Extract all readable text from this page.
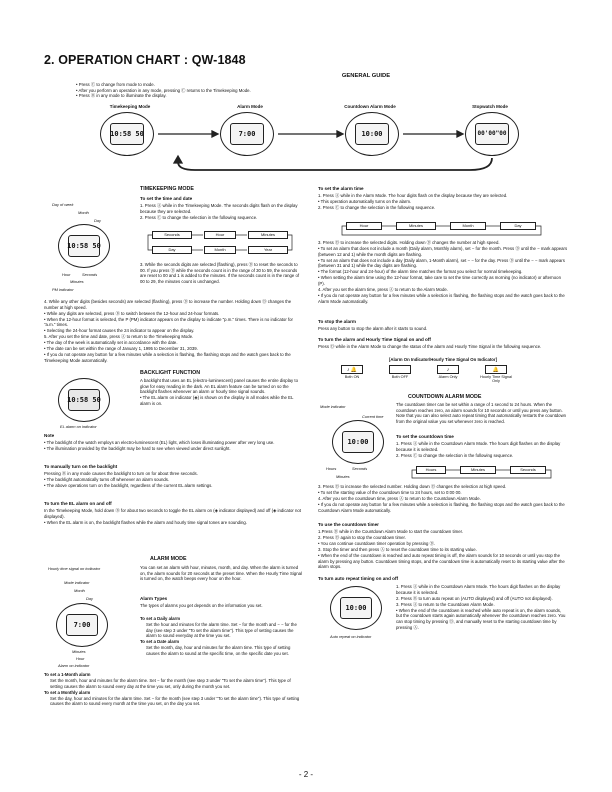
2. OPERATION CHART : QW-1848
GENERAL GUIDE
• Press Ⓒ to change from mode to mode.
• After you perform an operation in any mode, pressing Ⓒ returns to the Timekeeping Mode.
• Press Ⓑ in any mode to illuminate the display.
Timekeeping Mode	Alarm Mode	Countdown Alarm Mode	Stopwatch Mode
10:58 50	7:00	10:00	00'00"00
TIMEKEEPING MODE
Day of week
Month
Day
10:58 50
Hour	Seconds
Minutes
PM indicator
To set the time and date
1. Press Ⓐ while in the Timekeeping Mode. The seconds digits flash on the display because they are selected.
2. Press Ⓒ to change the selection in the following sequence.
Seconds	Hour	Minutes
Day	Month	Year
3. While the seconds digits are selected (flashing), press Ⓓ to reset the seconds to 00. If you press Ⓓ while the seconds count is in the range of 30 to 59, the seconds are reset to 00 and 1 is added to the minutes. If the seconds count is in the range of 00 to 29, the minutes count is unchanged.
4. While any other digits (besides seconds) are selected (flashing), press Ⓓ to increase the number. Holding down Ⓓ changes the number at high speed.
• While any digits are selected, press Ⓑ to switch between the 12-hour and 24-hour formats.
• When the 12-hour format is selected, the P (PM) indicator appears on the display to indicate "p.m." times. There is no indicator for "a.m." times.
• Selecting the 24-hour format causes the 24 indicator to appear on the display.
5. After you set the time and date, press Ⓐ to return to the Timekeeping Mode.
• The day of the week is automatically set in accordance with the date.
• The date can be set within the range of January 1, 1995 to December 31, 2039.
• If you do not operate any button for a few minutes while a selection is flashing, the flashing stops and the watch goes back to the Timekeeping Mode automatically.
BACKLIGHT FUNCTION
10:58 50
EL alarm on indicator
A backlight that uses an EL (electro-luminescent) panel causes the entire display to glow for easy reading in the dark. An EL alarm feature can be turned on so the backlight flashes whenever an alarm or hourly time signal sounds.
• The EL alarm on indicator (◈) is shown on the display in all modes while the EL alarm is on.
Note
• The backlight of the watch employs an electro-luminescent (EL) light, which loses illuminating power after very long use.
• The illumination provided by the backlight may be hard to see when viewed under direct sunlight.
To manually turn on the backlight
Pressing Ⓑ in any mode causes the backlight to turn on for about three seconds.
• The backlight automatically turns off whenever an alarm sounds.
• The above operations turn on the backlight, regardless of the current EL alarm settings.
To turn the EL alarm on and off
In the Timekeeping Mode, hold down Ⓑ for about two seconds to toggle the EL alarm on (◈ indicator displayed) and off (◈ indicator not displayed).
• When the EL alarm is on, the backlight flashes while the alarm and hourly time signal tones are sounding.
ALARM MODE
Hourly time signal on indicator
Mode indicator
Month
Day
7:00
Minutes
Hour
Alarm on indicator
You can set an alarm with hour, minutes, month, and day. When the alarm is turned on, the alarm sounds for 20 seconds at the preset time. When the Hourly Time Signal is turned on, the watch beeps every hour on the hour.
Alarm Types
The types of alarms you get depends on the information you set.
To set a Daily alarm
Set the hour and minutes for the alarm time. Set − for the month and − − for the day (see step 3 under "To set the alarm time"). This type of setting causes the alarm to sound everyday at the time you set.
To set a Date alarm
Set the month, day, hour and minutes for the alarm time. This type of setting causes the alarm to sound at the specific time, on the specific date you set.
To set a 1-Month alarm
Set the month, hour and minutes for the alarm time. Set − for the month (see step 3 under "To set the alarm time"). This type of setting causes the alarm to sound every day at the time you set, only during the month you set.
To set a Monthly alarm
Set the day, hour and minutes for the alarm time. Set − for the month (see step 3 under "To set the alarm time"). This type of setting causes the alarm to sound every month at the time you set, on the day you set.
To set the alarm time
1. Press Ⓐ while in the Alarm Mode. The hour digits flash on the display because they are selected.
• This operation automatically turns on the alarm.
2. Press Ⓒ to change the selection in the following sequence.
Hour	Minutes	Month	Day
3. Press Ⓓ to increase the selected digits. Holding down Ⓓ changes the number at high speed.
• To set an alarm that does not include a month (Daily alarm, Monthly alarm), set − for the month. Press Ⓓ until the − mark appears (between 12 and 1) while the month digits are flashing.
• To set an alarm that does not include a day (Daily alarm, 1-Month alarm), set − − for the day. Press Ⓓ until the − − mark appears (between 31 and 1) while the day digits are flashing.
• The format (12-hour and 24-hour) of the alarm time matches the format you select for normal timekeeping.
• When setting the alarm time using the 12-hour format, take care to set the time correctly as morning (no indicator) or afternoon (P).
4. After you set the alarm time, press Ⓐ to return to the Alarm Mode.
• If you do not operate any button for a few minutes while a selection is flashing, the flashing stops and the watch goes back to the Alarm Mode automatically.
To stop the alarm
Press any button to stop the alarm after it starts to sound.
To turn the alarm and Hourly Time Signal on and off
Press Ⓓ while in the Alarm Mode to change the status of the alarm and Hourly Time Signal in the following sequence.
[Alarm On Indicator/Hourly Time Signal On Indicator]
♪ 🔔
Both ON
	Both OFF
♪
Alarm Only
🔔
Hourly Time Signal Only
COUNTDOWN ALARM MODE
Mode indicator
Current time
10:00
Hours	Seconds
Minutes
The countdown timer can be set within a range of 1 second to 24 hours. When the countdown reaches zero, an alarm sounds for 10 seconds or until you press any button. Note that you can also select auto repeat timing that automatically restarts the countdown from the original value you set whenever zero is reached.
To set the countdown time
1. Press Ⓐ while in the Countdown Alarm Mode. The hours digit flashes on the display because it is selected.
2. Press Ⓒ to change the selection in the following sequence.
Hours	Minutes	Seconds
3. Press Ⓓ to increase the selected number. Holding down Ⓓ changes the selection at high speed.
• To set the starting value of the countdown time to 24 hours, set to 0:00 00.
4. After you set the countdown time, press Ⓐ to return to the Countdown Alarm Mode.
• If you do not operate any button for a few minutes while a selection is flashing, the flashing stops and the watch goes back to the Countdown Alarm Mode automatically.
To use the countdown timer
1.Press Ⓓ while in the Countdown Alarm Mode to start the countdown timer.
2. Press Ⓓ again to stop the countdown timer.
• You can continue countdown timer operation by pressing Ⓓ.
3. Stop the timer and then press Ⓐ to reset the countdown time to its starting value.
• When the end of the countdown is reached and auto repeat timing is off, the alarm sounds for 10 seconds or until you stop the alarm by pressing any button. Countdown timing stops, and the countdown time is automatically reset to its starting value after the alarm stops.
To turn auto repeat timing on and off
10:00
Auto repeat on indicator
1. Press Ⓐ while in the Countdown Alarm Mode. The hours digit flashes on the display because it is selected.
2. Press Ⓑ to turn auto repeat on (AUTO displayed) and off (AUTO not displayed).
3. Press Ⓐ to return to the Countdown Alarm Mode.
• When the end of the countdown is reached while auto repeat is on, the alarm sounds, but the countdown starts again automatically whenever the countdown reaches zero. You can stop timing by pressing Ⓓ, and manually reset to the starting countdown time by pressing Ⓐ.
- 2 -
